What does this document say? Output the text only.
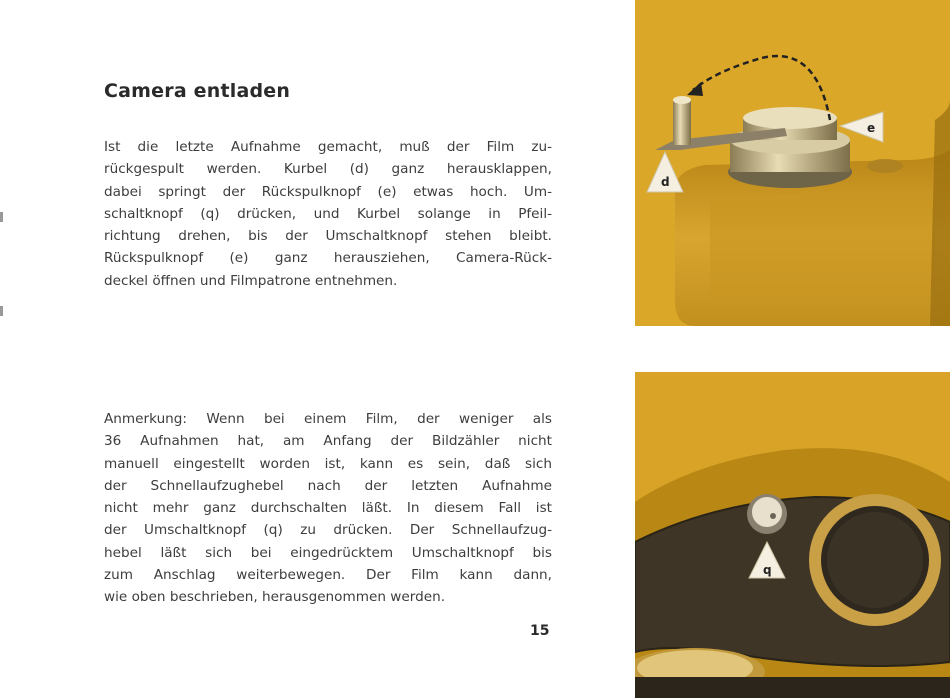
Camera entladen
Ist die letzte Aufnahme gemacht, muß der Film zu-
rückgespult werden. Kurbel (d) ganz herausklappen,
dabei springt der Rückspulknopf (e) etwas hoch. Um-
schaltknopf (q) drücken, und Kurbel solange in Pfeil-
richtung drehen, bis der Umschaltknopf stehen bleibt.
Rückspulknopf (e) ganz herausziehen, Camera-Rück-
deckel öffnen und Filmpatrone entnehmen.
Anmerkung: Wenn bei einem Film, der weniger als
36 Aufnahmen hat, am Anfang der Bildzähler nicht
manuell eingestellt worden ist, kann es sein, daß sich
der Schnellaufzughebel nach der letzten Aufnahme
nicht mehr ganz durchschalten läßt. In diesem Fall ist
der Umschaltknopf (q) zu drücken. Der Schnellaufzug-
hebel läßt sich bei eingedrücktem Umschaltknopf bis
zum Anschlag weiterbewegen. Der Film kann dann,
wie oben beschrieben, herausgenommen werden.
15
d
e
q
